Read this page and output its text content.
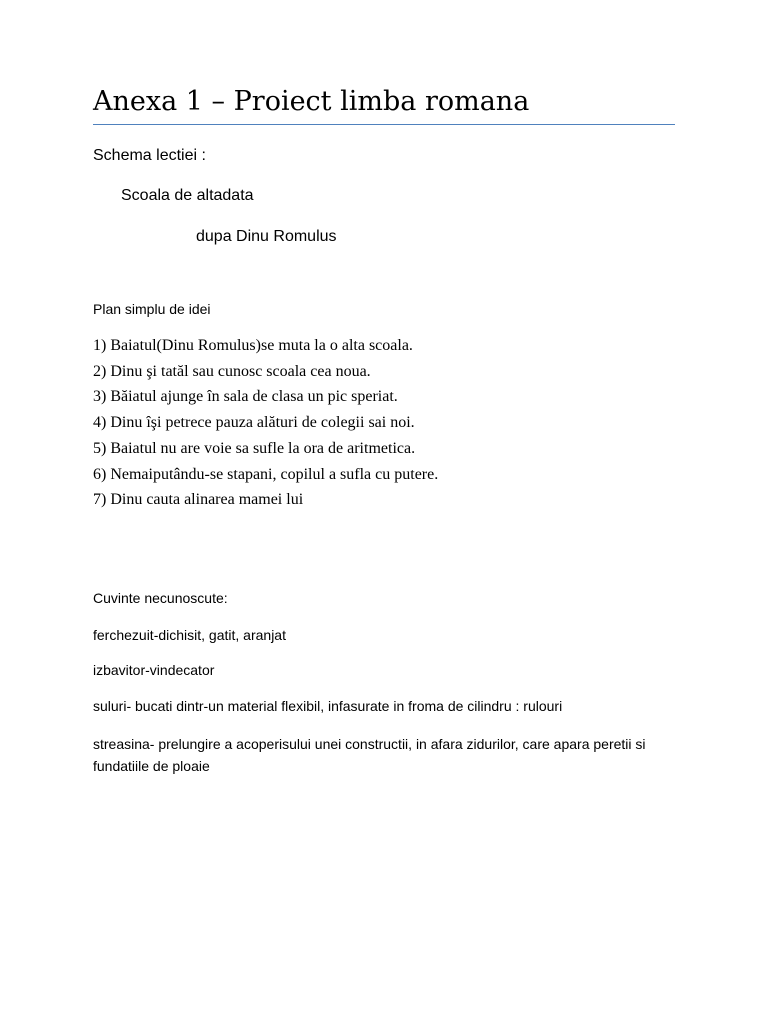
Anexa 1 – Proiect limba romana
Schema lectiei :
Scoala de altadata
dupa Dinu Romulus
Plan simplu de idei
1) Baiatul(Dinu Romulus)se muta la o alta scoala.
2) Dinu şi tatăl sau cunosc scoala cea noua.
3) Băiatul ajunge în sala de clasa un pic speriat.
4) Dinu îşi petrece pauza alături de colegii sai noi.
5) Baiatul nu are voie sa sufle la ora de aritmetica.
6) Nemaiputându-se stapani, copilul a sufla cu putere.
7) Dinu cauta alinarea mamei lui
Cuvinte necunoscute:
ferchezuit-dichisit, gatit, aranjat
izbavitor-vindecator
suluri- bucati dintr-un material flexibil, infasurate in froma de cilindru : rulouri
streasina- prelungire a acoperisului unei constructii, in afara zidurilor, care apara peretii si fundatiile de ploaie
